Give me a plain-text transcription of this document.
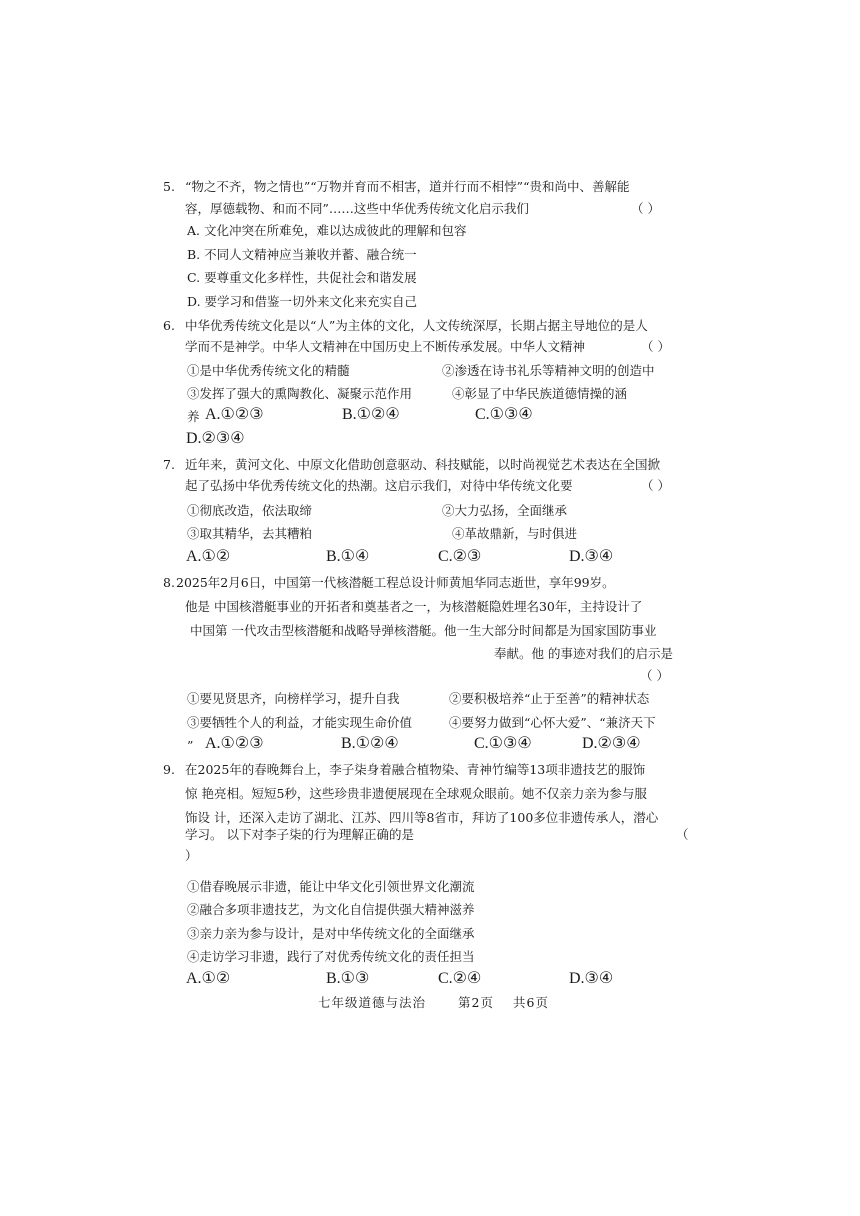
5. “物之不齐，物之情也”“万物并育而不相害，道并行而不相悖”“贵和尚中、善解能
容，厚德载物、和而不同”……这些中华优秀传统文化启示我们	（ ）
A. 文化冲突在所难免，难以达成彼此的理解和包容
B. 不同人文精神应当兼收并蓄、融合统一
C. 要尊重文化多样性，共促社会和谐发展
D. 要学习和借鉴一切外来文化来充实自己
6. 中华优秀传统文化是以“人”为主体的文化，人文传统深厚，长期占据主导地位的是人
学而不是神学。中华人文精神在中国历史上不断传承发展。中华人文精神	（ ）
①是中华优秀传统文化的精髓	②渗透在诗书礼乐等精神文明的创造中
③发挥了强大的熏陶教化、凝聚示范作用	④彰显了中华民族道德情操的涵
养 A.①②③	B.①②④	C.①③④
D.②③④
7. 近年来，黄河文化、中原文化借助创意驱动、科技赋能，以时尚视觉艺术表达在全国掀
起了弘扬中华优秀传统文化的热潮。这启示我们，对待中华传统文化要	（ ）
①彻底改造，依法取缔	②大力弘扬，全面继承
③取其精华，去其糟粕	④革故鼎新，与时俱进
A.①②	B.①④	C.②③	D.③④
8. 2025年2月6日，中国第一代核潜艇工程总设计师黄旭华同志逝世，享年99岁。
他是 中国核潜艇事业的开拓者和奠基者之一，为核潜艇隐姓埋名30年，主持设计了
中国第 一代攻击型核潜艇和战略导弹核潜艇。他一生大部分时间都是为国家国防事业
奉献。他 的事迹对我们的启示是
（ ）
①要见贤思齐，向榜样学习，提升自我	②要积极培养“止于至善”的精神状态
③要牺牲个人的利益，才能实现生命价值	④要努力做到“心怀大爱”、“兼济天下
” A.①②③	B.①②④	C.①③④	D.②③④
9. 在2025年的春晚舞台上，李子柒身着融合植物染、青神竹编等13项非遗技艺的服饰
惊 艳亮相。短短5秒，这些珍贵非遗便展现在全球观众眼前。她不仅亲力亲为参与服
饰设 计，还深入走访了湖北、江苏、四川等8省市，拜访了100多位非遗传承人，潜心
学习。 以下对李子柒的行为理解正确的是	（
）
①借春晚展示非遗，能让中华文化引领世界文化潮流
②融合多项非遗技艺，为文化自信提供强大精神滋养
③亲力亲为参与设计，是对中华传统文化的全面继承
④走访学习非遗，践行了对优秀传统文化的责任担当
A.①②	B.①③	C.②④	D.③④
七年级道德与法治	第2页 共6页
